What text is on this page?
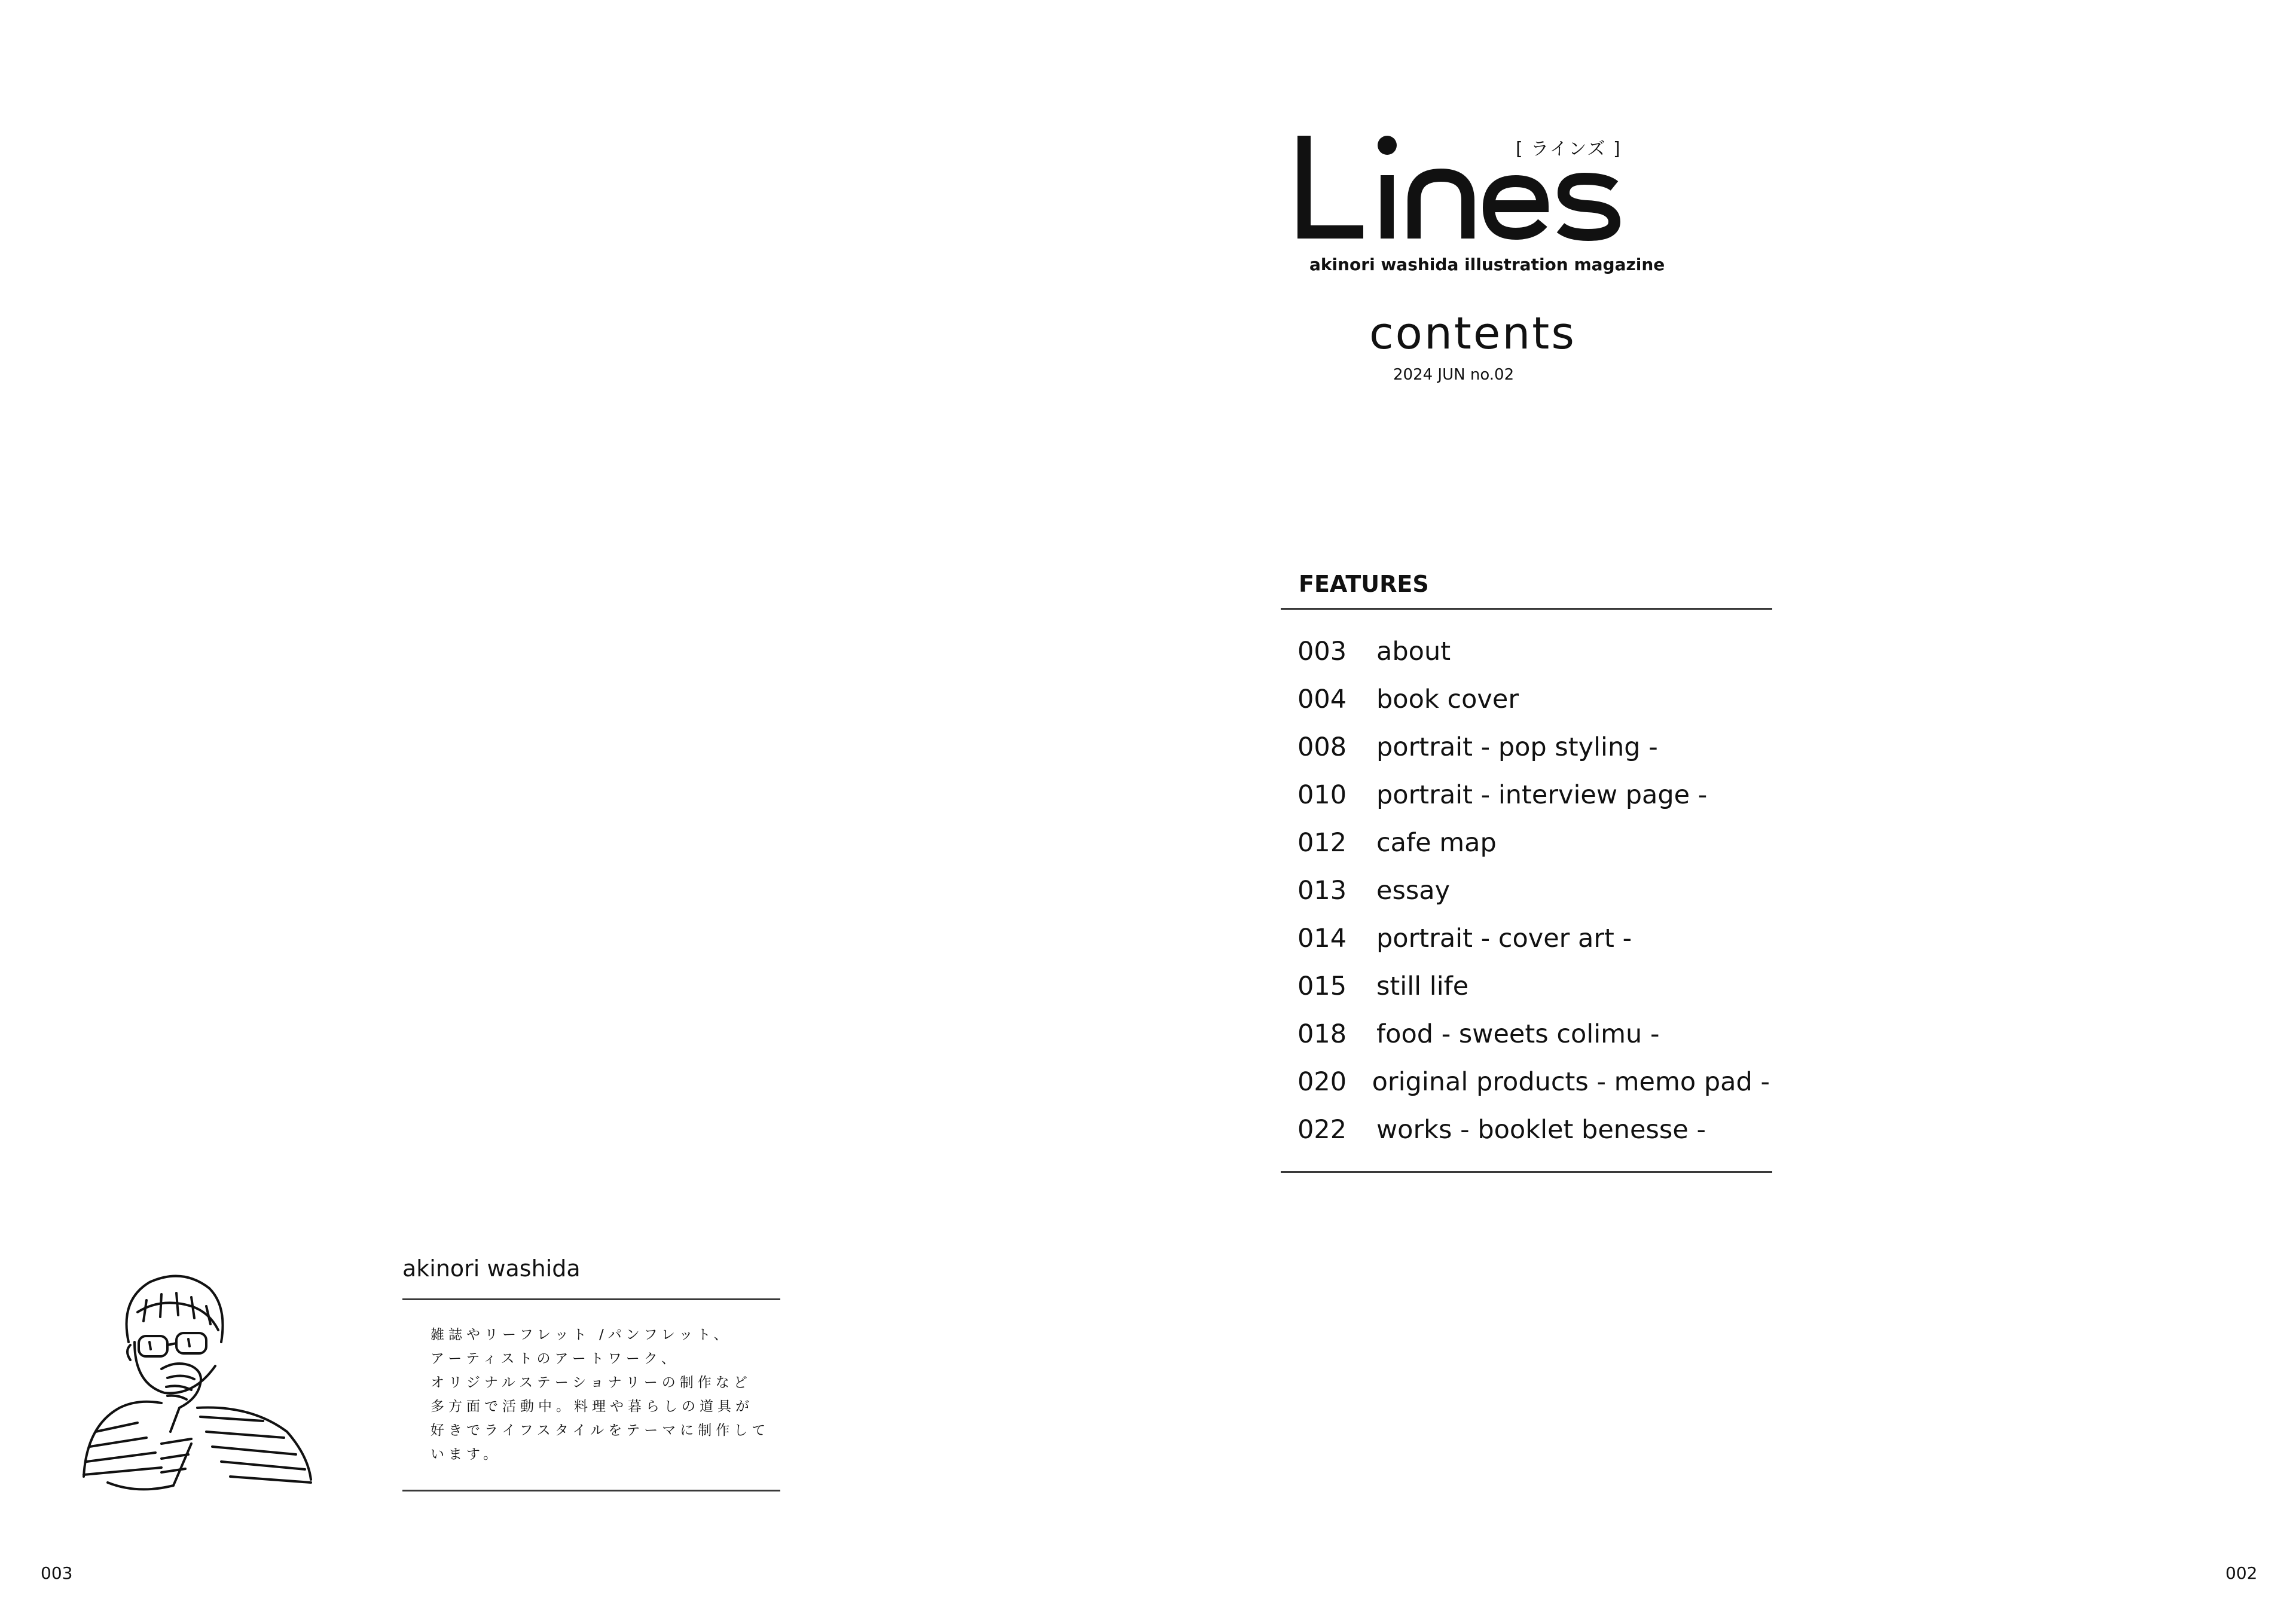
[ ラインズ ]
akinori washida illustration magazine
contents
2024 JUN no.02
FEATURES
003	about
004	book cover
008	portrait - pop styling -
010	portrait - interview page -
012	cafe map
013	essay
014	portrait - cover art -
015	still life
018	food - sweets colimu -
020 original products - memo pad -
022	works - booklet benesse -
akinori washida
雑誌やリーフレット /パンフレット、
アーティストのアートワーク、
オリジナルステーショナリーの制作など
多方面で活動中。料理や暮らしの道具が
好きでライフスタイルをテーマに制作して
います。
003	002
